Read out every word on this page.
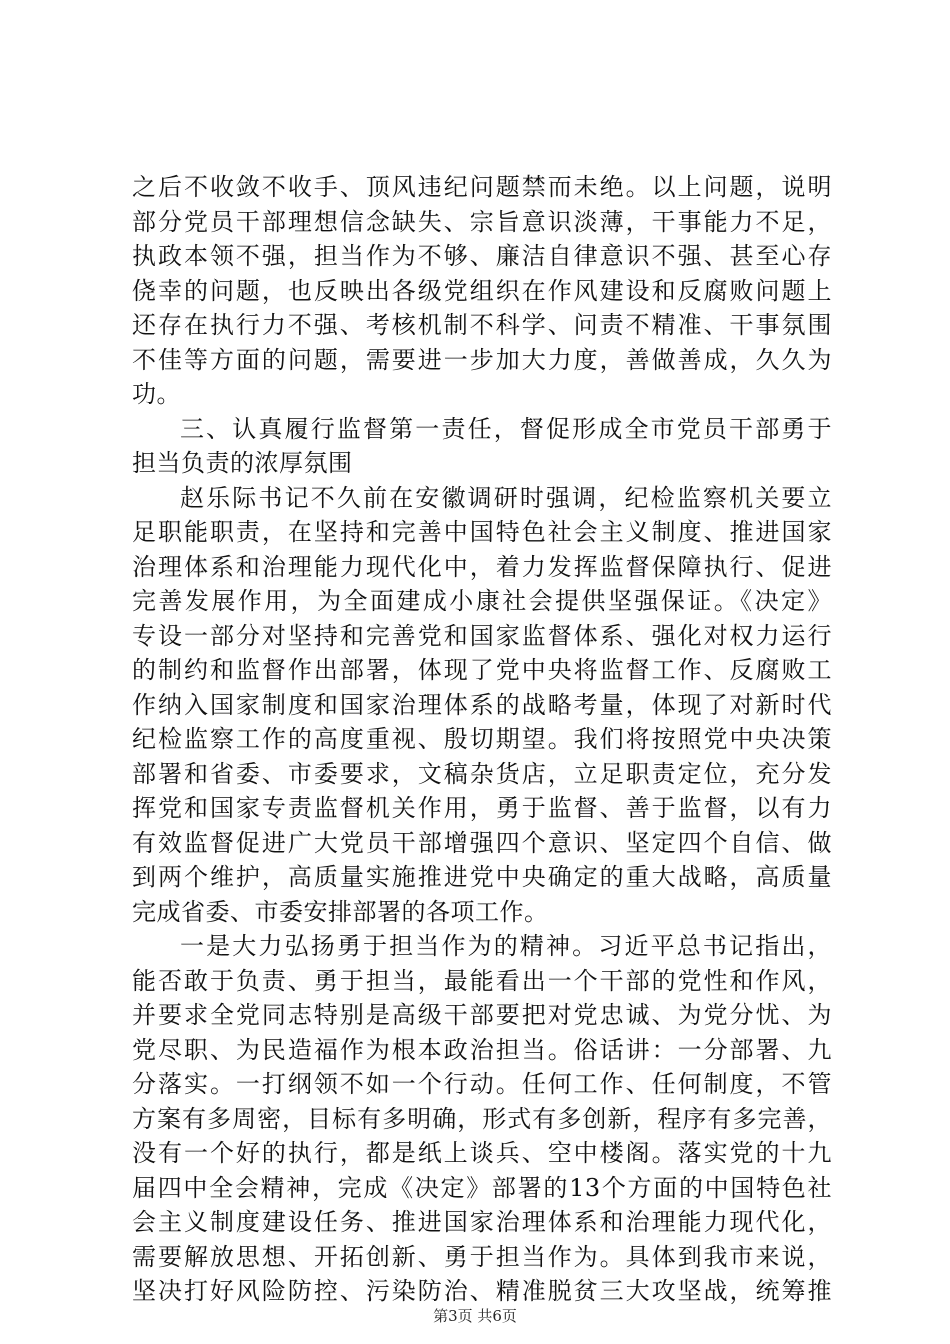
之后不收敛不收手、顶风违纪问题禁而未绝。以上问题，说明
部分党员干部理想信念缺失、宗旨意识淡薄，干事能力不足，
执政本领不强，担当作为不够、廉洁自律意识不强、甚至心存
侥幸的问题，也反映出各级党组织在作风建设和反腐败问题上
还存在执行力不强、考核机制不科学、问责不精准、干事氛围
不佳等方面的问题，需要进一步加大力度，善做善成，久久为
功。
三、认真履行监督第一责任，督促形成全市党员干部勇于
担当负责的浓厚氛围
赵乐际书记不久前在安徽调研时强调，纪检监察机关要立
足职能职责，在坚持和完善中国特色社会主义制度、推进国家
治理体系和治理能力现代化中，着力发挥监督保障执行、促进
完善发展作用，为全面建成小康社会提供坚强保证。《决定》
专设一部分对坚持和完善党和国家监督体系、强化对权力运行
的制约和监督作出部署，体现了党中央将监督工作、反腐败工
作纳入国家制度和国家治理体系的战略考量，体现了对新时代
纪检监察工作的高度重视、殷切期望。我们将按照党中央决策
部署和省委、市委要求，文稿杂货店，立足职责定位，充分发
挥党和国家专责监督机关作用，勇于监督、善于监督，以有力
有效监督促进广大党员干部增强四个意识、坚定四个自信、做
到两个维护，高质量实施推进党中央确定的重大战略，高质量
完成省委、市委安排部署的各项工作。
一是大力弘扬勇于担当作为的精神。习近平总书记指出，
能否敢于负责、勇于担当，最能看出一个干部的党性和作风，
并要求全党同志特别是高级干部要把对党忠诚、为党分忧、为
党尽职、为民造福作为根本政治担当。俗话讲：一分部署、九
分落实。一打纲领不如一个行动。任何工作、任何制度，不管
方案有多周密，目标有多明确，形式有多创新，程序有多完善，
没有一个好的执行，都是纸上谈兵、空中楼阁。落实党的十九
届四中全会精神，完成《决定》部署的13个方面的中国特色社
会主义制度建设任务、推进国家治理体系和治理能力现代化，
需要解放思想、开拓创新、勇于担当作为。具体到我市来说，
坚决打好风险防控、污染防治、精准脱贫三大攻坚战，统筹推
第3页 共6页
